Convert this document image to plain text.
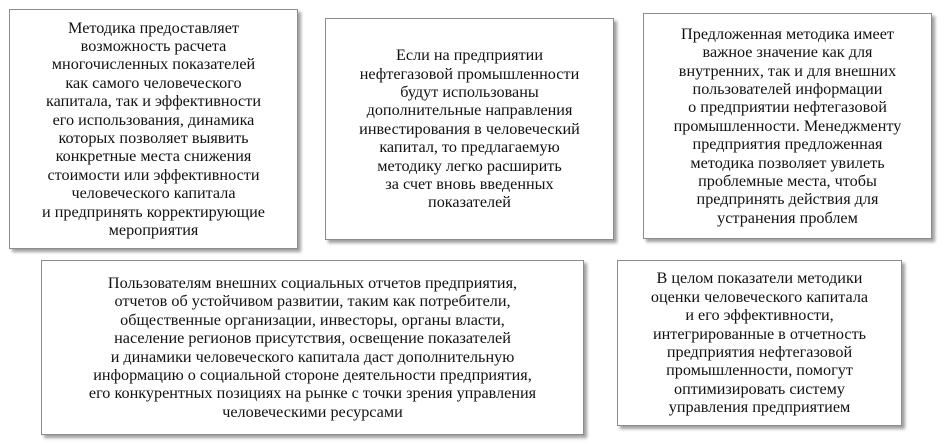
Методика предоставляет
возможность расчета
многочисленных показателей
как самого человеческого
капитала, так и эффективности
его использования, динамика
которых позволяет выявить
конкретные места снижения
стоимости или эффективности
человеческого капитала
и предпринять корректирующие
мероприятия
Если на предприятии
нефтегазовой промышленности
будут использованы
дополнительные направления
инвестирования в человеческий
капитал, то предлагаемую
методику легко расширить
за счет вновь введенных
показателей
Предложенная методика имеет
важное значение как для
внутренних, так и для внешних
пользователей информации
о предприятии нефтегазовой
промышленности. Менеджменту
предприятия предложенная
методика позволяет увилеть
проблемные места, чтобы
предпринять действия для
устранения проблем
Пользователям внешних социальных отчетов предприятия,
отчетов об устойчивом развитии, таким как потребители,
общественные организации, инвесторы, органы власти,
население регионов присутствия, освещение показателей
и динамики человеческого капитала даст дополнительную
информацию о социальной стороне деятельности предприятия,
его конкурентных позициях на рынке с точки зрения управления
человеческими ресурсами
В целом показатели методики
оценки человеческого капитала
и его эффективности,
интегрированные в отчетность
предприятия нефтегазовой
промышленности, помогут
оптимизировать систему
управления предприятием
